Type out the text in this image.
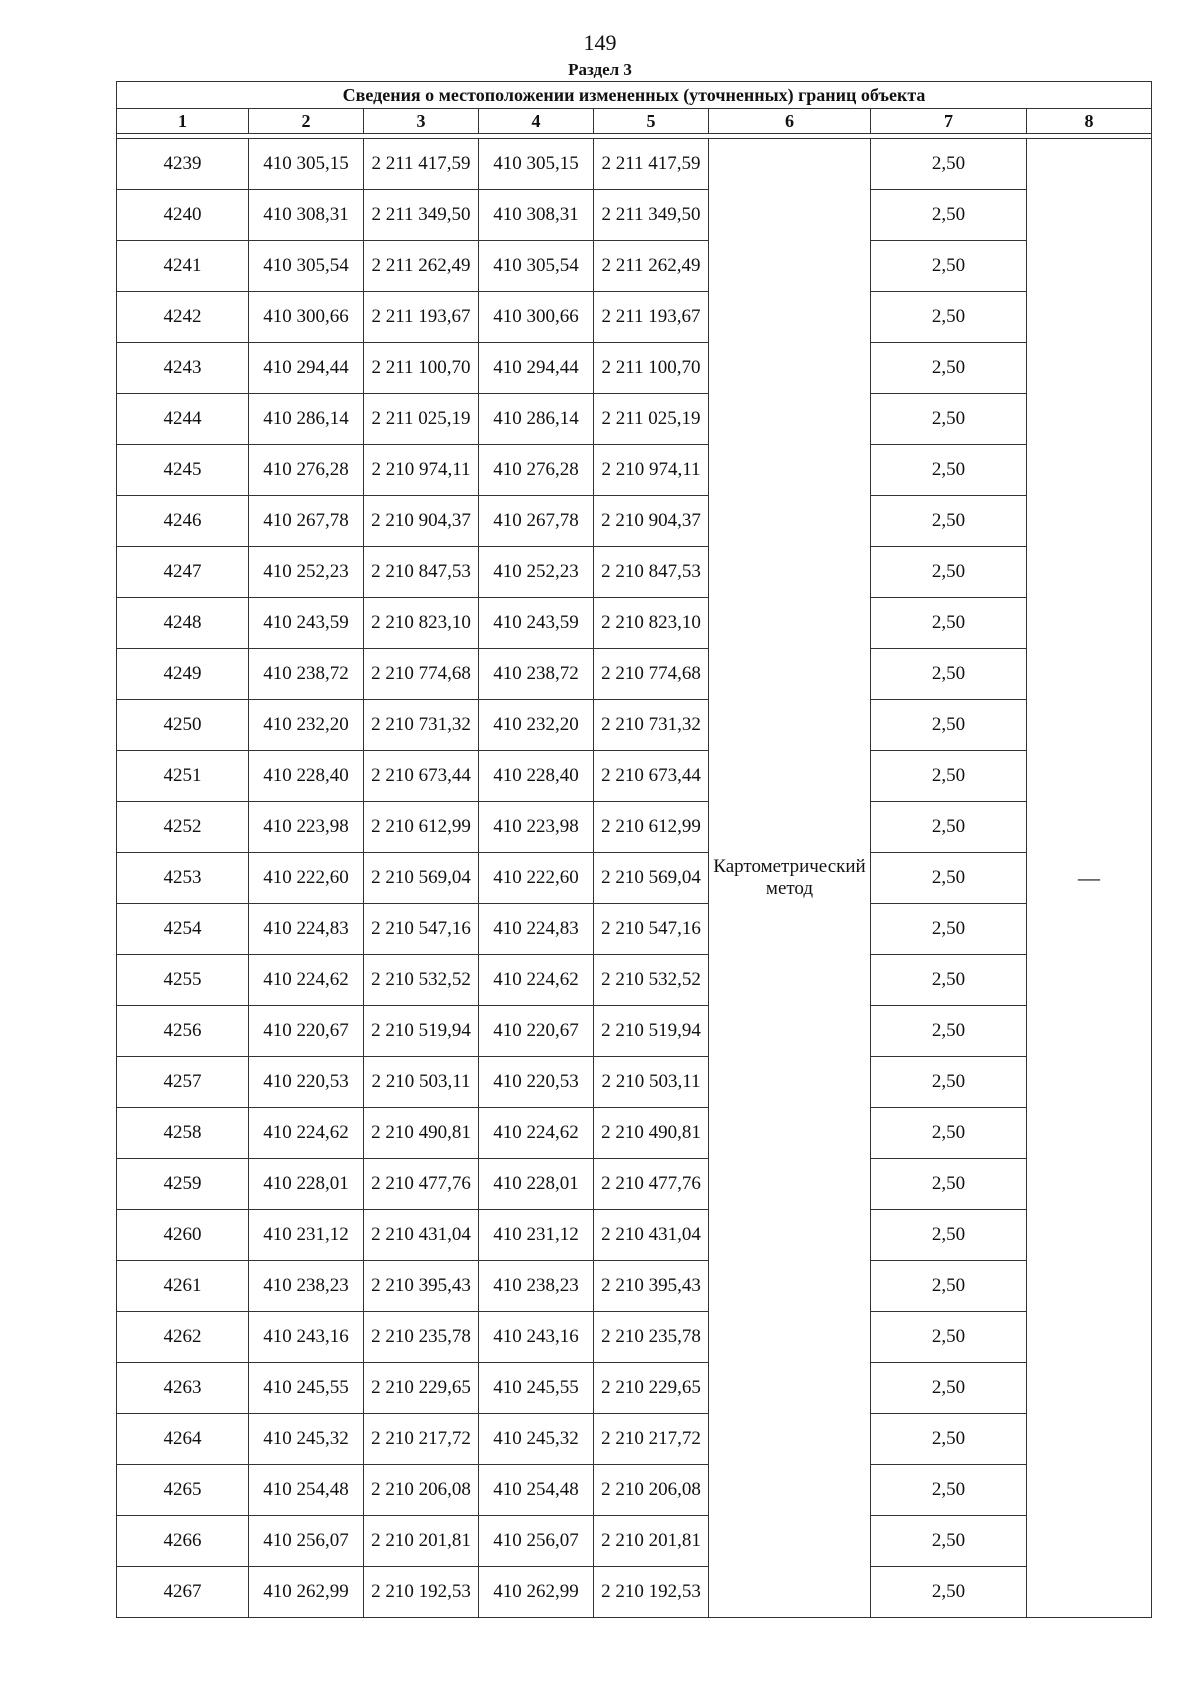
149
Раздел 3
Сведения о местоположении измененных (уточненных) границ объекта							
1	2	3	4	5	6	7	8

4239	410 305,15	2 211 417,59	410 305,15	2 211 417,59	Картометрический метод	2,50	—
4240	410 308,31	2 211 349,50	410 308,31	2 211 349,50		2,50	
4241	410 305,54	2 211 262,49	410 305,54	2 211 262,49		2,50	
4242	410 300,66	2 211 193,67	410 300,66	2 211 193,67		2,50	
4243	410 294,44	2 211 100,70	410 294,44	2 211 100,70		2,50	
4244	410 286,14	2 211 025,19	410 286,14	2 211 025,19		2,50	
4245	410 276,28	2 210 974,11	410 276,28	2 210 974,11		2,50	
4246	410 267,78	2 210 904,37	410 267,78	2 210 904,37		2,50	
4247	410 252,23	2 210 847,53	410 252,23	2 210 847,53		2,50	
4248	410 243,59	2 210 823,10	410 243,59	2 210 823,10		2,50	
4249	410 238,72	2 210 774,68	410 238,72	2 210 774,68		2,50	
4250	410 232,20	2 210 731,32	410 232,20	2 210 731,32		2,50	
4251	410 228,40	2 210 673,44	410 228,40	2 210 673,44		2,50	
4252	410 223,98	2 210 612,99	410 223,98	2 210 612,99		2,50	
4253	410 222,60	2 210 569,04	410 222,60	2 210 569,04		2,50	
4254	410 224,83	2 210 547,16	410 224,83	2 210 547,16		2,50	
4255	410 224,62	2 210 532,52	410 224,62	2 210 532,52		2,50	
4256	410 220,67	2 210 519,94	410 220,67	2 210 519,94		2,50	
4257	410 220,53	2 210 503,11	410 220,53	2 210 503,11		2,50	
4258	410 224,62	2 210 490,81	410 224,62	2 210 490,81		2,50	
4259	410 228,01	2 210 477,76	410 228,01	2 210 477,76		2,50	
4260	410 231,12	2 210 431,04	410 231,12	2 210 431,04		2,50	
4261	410 238,23	2 210 395,43	410 238,23	2 210 395,43		2,50	
4262	410 243,16	2 210 235,78	410 243,16	2 210 235,78		2,50	
4263	410 245,55	2 210 229,65	410 245,55	2 210 229,65		2,50	
4264	410 245,32	2 210 217,72	410 245,32	2 210 217,72		2,50	
4265	410 254,48	2 210 206,08	410 254,48	2 210 206,08		2,50	
4266	410 256,07	2 210 201,81	410 256,07	2 210 201,81		2,50	
4267	410 262,99	2 210 192,53	410 262,99	2 210 192,53		2,50	
